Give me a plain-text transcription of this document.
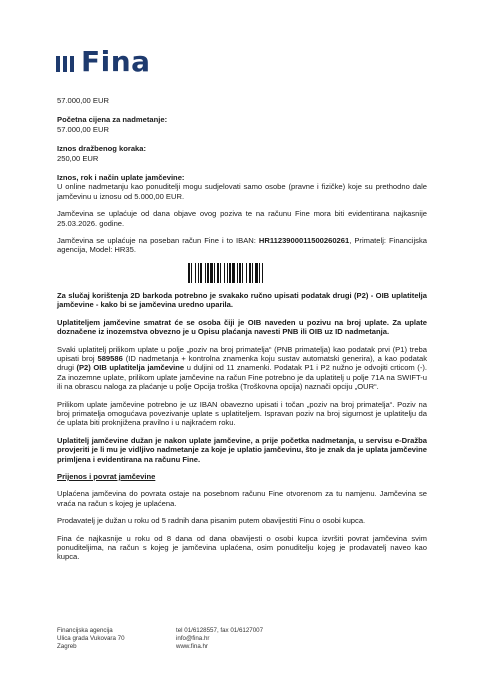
Fina

57.000,00 EUR

Početna cijena za nadmetanje:

57.000,00 EUR

Iznos dražbenog koraka:

250,00 EUR

Iznos, rok i način uplate jamčevine:

U online nadmetanju kao ponuditelji mogu sudjelovati samo osobe (pravne i fizičke) koje su prethodno dale jamčevinu u iznosu od 5.000,00 EUR.

Jamčevina se uplaćuje od dana objave ovog poziva te na računu Fine mora biti evidentirana najkasnije 25.03.2026. godine.

Jamčevina se uplaćuje na poseban račun Fine i to IBAN: HR1123900011500260261, Primatelj: Financijska agencija, Model: HR35.

Za slučaj korištenja 2D barkoda potrebno je svakako ručno upisati podatak drugi (P2) - OIB uplatitelja jamčevine - kako bi se jamčevina uredno uparila.

Uplatiteljem jamčevine smatrat će se osoba čiji je OIB naveden u pozivu na broj uplate. Za uplate doznačene iz inozemstva obvezno je u Opisu plaćanja navesti PNB ili OIB uz ID nadmetanja.

Svaki uplatitelj prilikom uplate u polje „poziv na broj primatelja“ (PNB primatelja) kao podatak prvi (P1) treba upisati broj 589586 (ID nadmetanja + kontrolna znamenka koju sustav automatski generira), a kao podatak drugi (P2) OIB uplatitelja jamčevine u duljini od 11 znamenki. Podatak P1 i P2 nužno je odvojiti crticom (-). Za inozemne uplate, prilikom uplate jamčevine na račun Fine potrebno je da uplatitelj u polje 71A na SWIFT-u ili na obrascu naloga za plaćanje u polje Opcija troška (Troškovna opcija) naznači opciju „OUR“.

Prilikom uplate jamčevine potrebno je uz IBAN obavezno upisati i točan „poziv na broj primatelja“. Poziv na broj primatelja omogućava povezivanje uplate s uplatiteljem. Ispravan poziv na broj sigurnost je uplatitelju da će uplata biti proknjižena pravilno i u najkraćem roku.

Uplatitelj jamčevine dužan je nakon uplate jamčevine, a prije početka nadmetanja, u servisu e-Dražba provjeriti je li mu je vidljivo nadmetanje za koje je uplatio jamčevinu, što je znak da je uplata jamčevine primljena i evidentirana na računu Fine.

Prijenos i povrat jamčevine

Uplaćena jamčevina do povrata ostaje na posebnom računu Fine otvorenom za tu namjenu. Jamčevina se vraća na račun s kojeg je uplaćena.

Prodavatelj je dužan u roku od 5 radnih dana pisanim putem obavijestiti Finu o osobi kupca.

Fina će najkasnije u roku od 8 dana od dana obavijesti o osobi kupca izvršiti povrat jamčevina svim ponuditeljima, na račun s kojeg je jamčevina uplaćena, osim ponuditelju kojeg je prodavatelj naveo kao kupca.

Financijska agencija
Ulica grada Vukovara 70
Zagreb
tel 01/6128557, fax 01/6127007
info@fina.hr
www.fina.hr
